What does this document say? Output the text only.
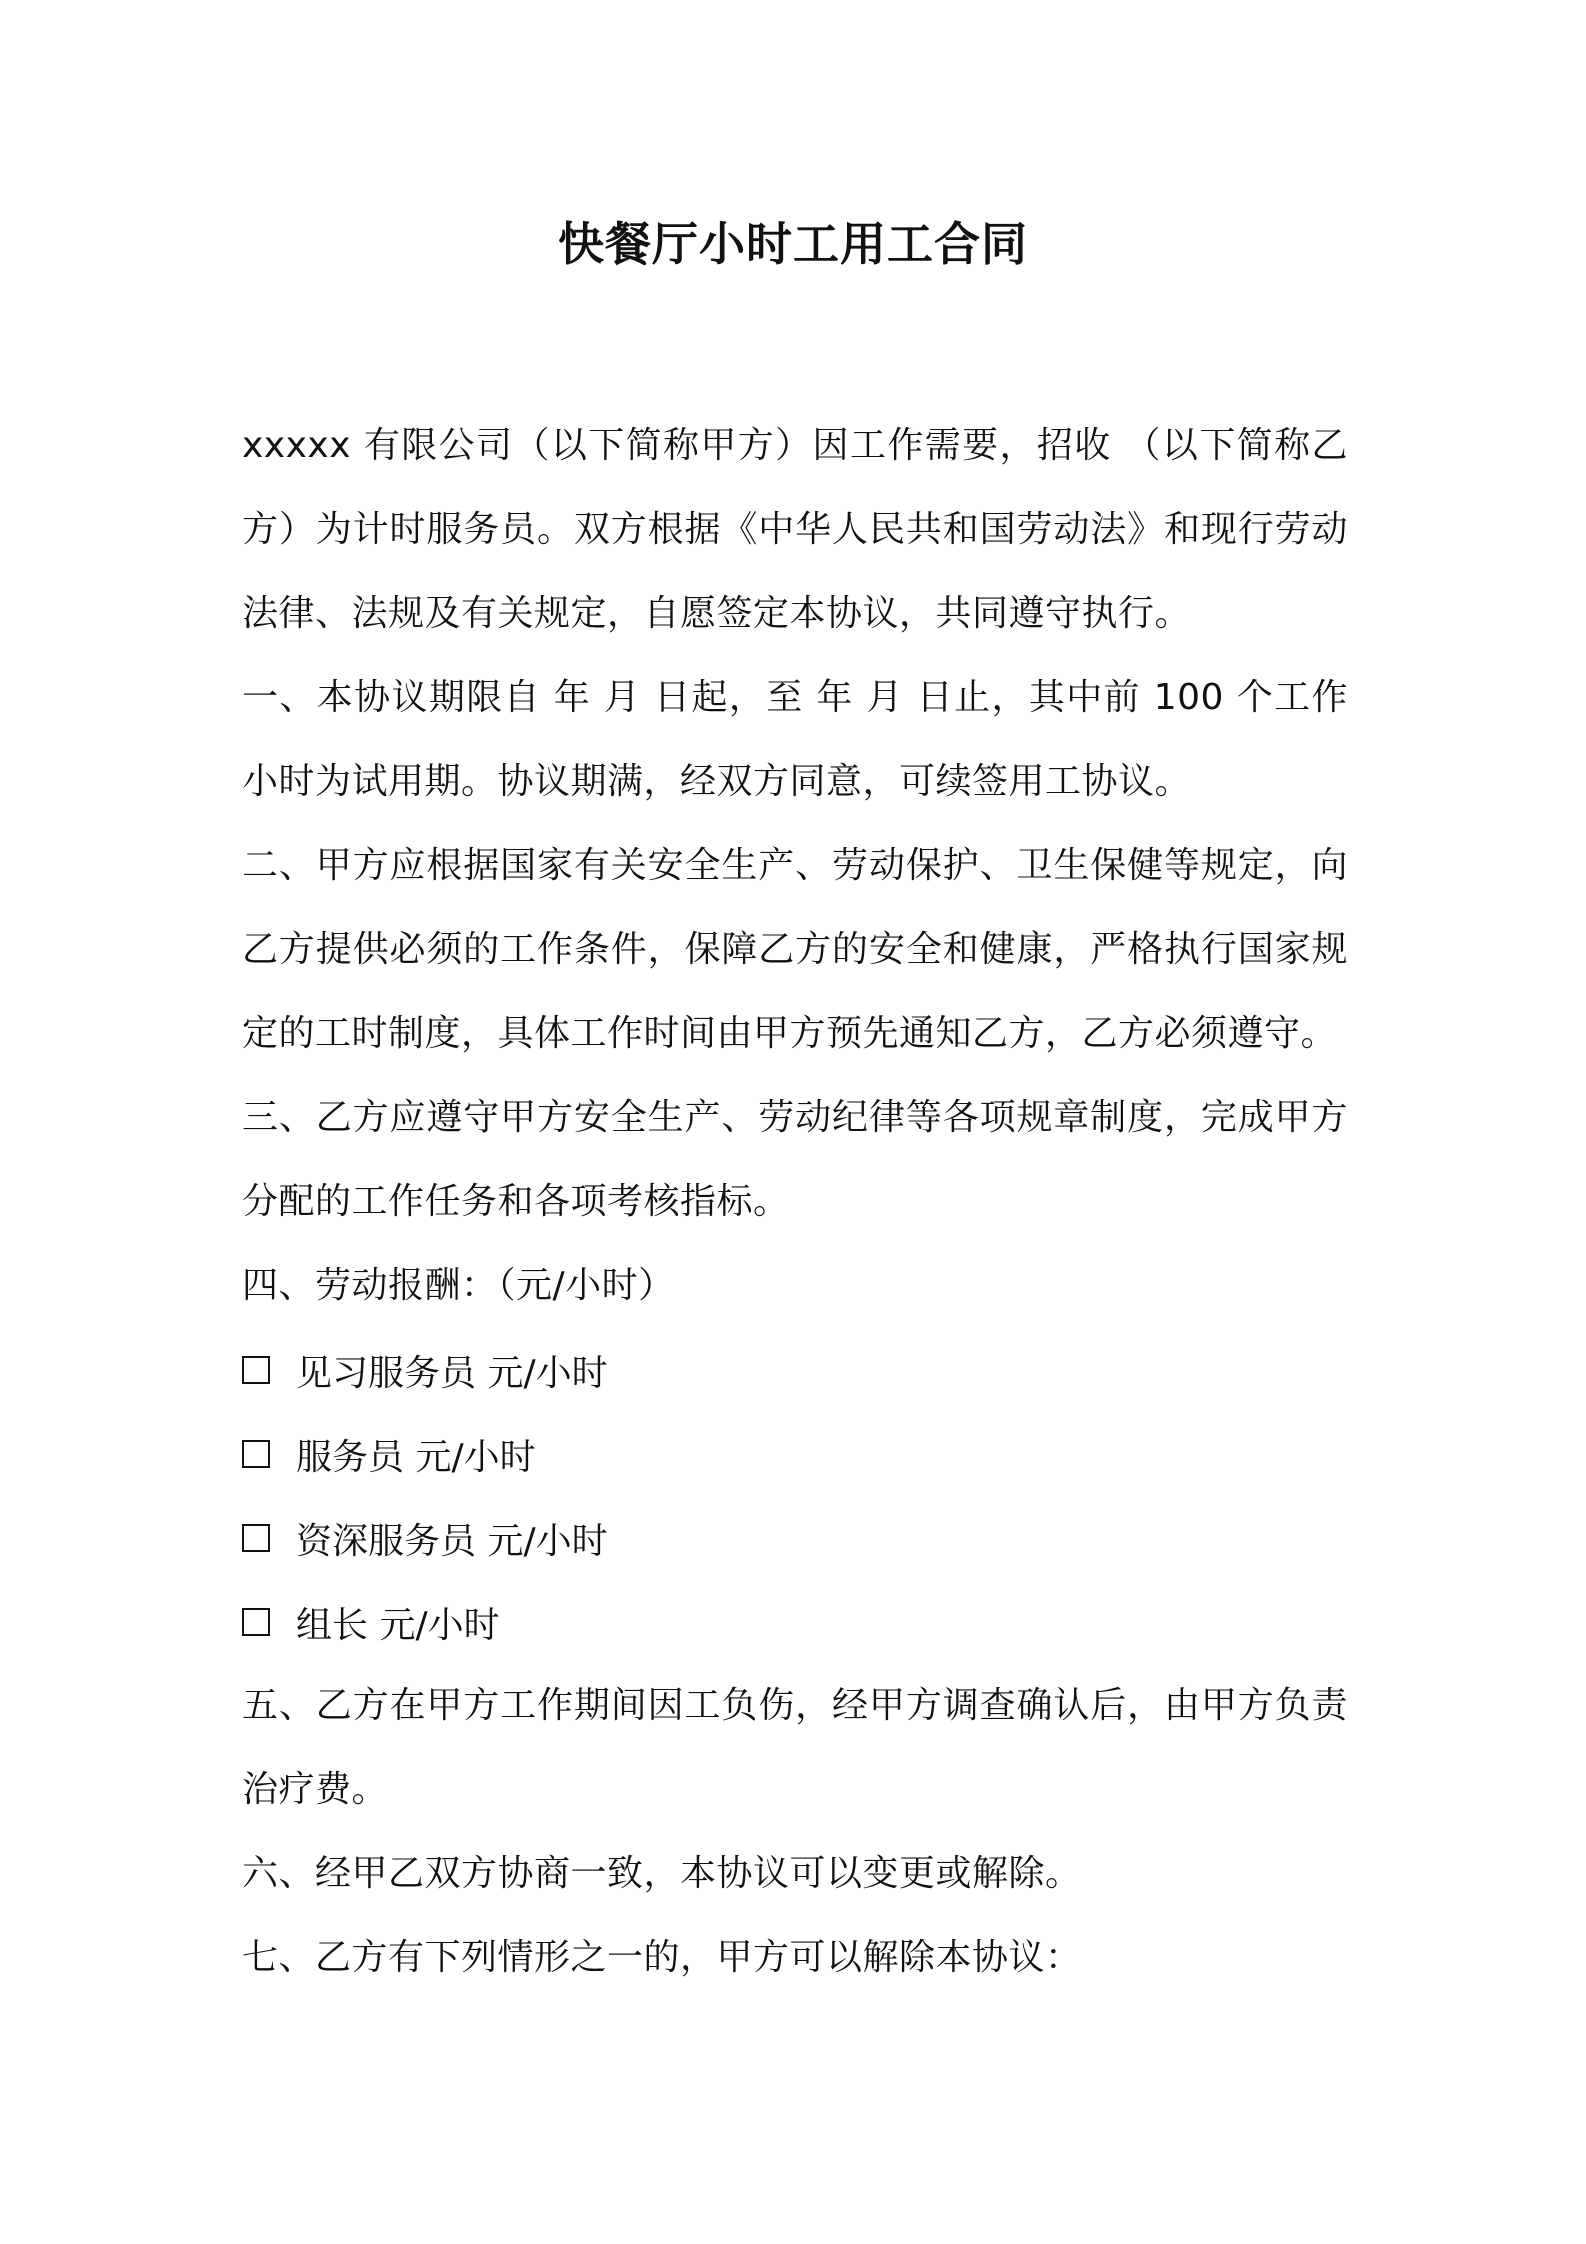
快餐厅小时工用工合同

xxxxx 有限公司（以下简称甲方）因工作需要，招收 （以下简称乙方）为计时服务员。双方根据《中华人民共和国劳动法》和现行劳动法律、法规及有关规定，自愿签定本协议，共同遵守执行。

一、本协议期限自 年 月 日起，至 年 月 日止，其中前 100 个工作小时为试用期。协议期满，经双方同意，可续签用工协议。

二、甲方应根据国家有关安全生产、劳动保护、卫生保健等规定，向乙方提供必须的工作条件，保障乙方的安全和健康，严格执行国家规定的工时制度，具体工作时间由甲方预先通知乙方，乙方必须遵守。

三、乙方应遵守甲方安全生产、劳动纪律等各项规章制度，完成甲方分配的工作任务和各项考核指标。

四、劳动报酬：（元/小时）

见习服务员 元/小时
服务员 元/小时
资深服务员 元/小时
组长 元/小时

五、乙方在甲方工作期间因工负伤，经甲方调查确认后，由甲方负责治疗费。

六、经甲乙双方协商一致，本协议可以变更或解除。

七、乙方有下列情形之一的，甲方可以解除本协议：
